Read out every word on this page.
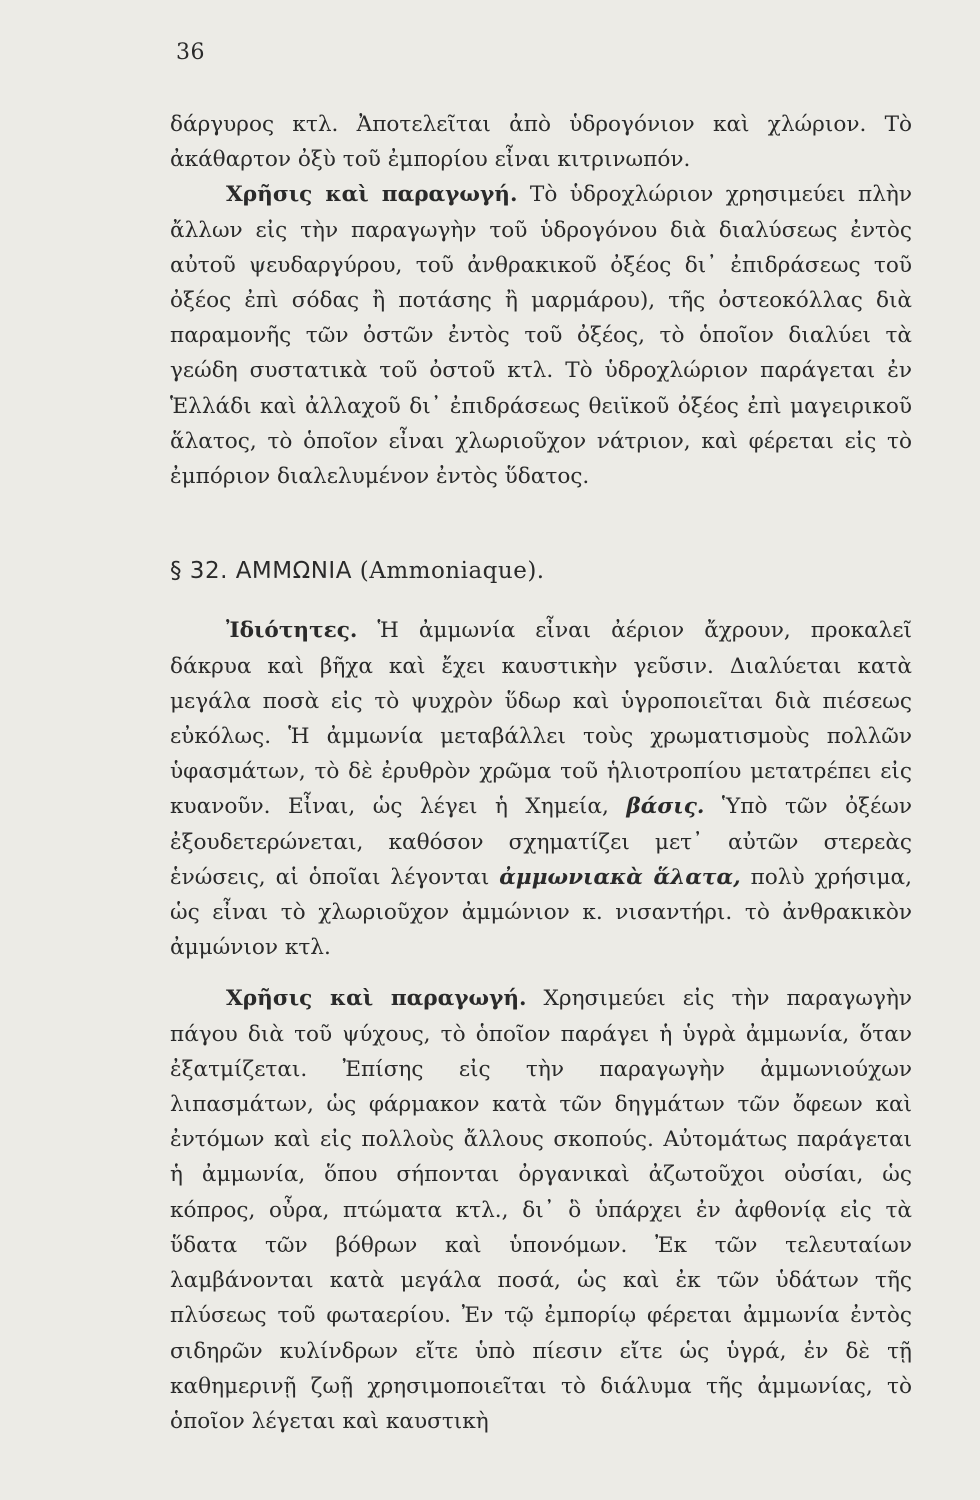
36

δάργυρος κτλ. Ἀποτελεῖται ἀπὸ ὑδρογόνιον καὶ χλώριον. Τὸ ἀκάθαρτον ὀξὺ τοῦ ἐμπορίου εἶναι κιτρινωπόν.

Χρῆσις καὶ παραγωγή. Τὸ ὑδροχλώριον χρησιμεύει πλὴν ἄλλων εἰς τὴν παραγωγὴν τοῦ ὑδρογόνου διὰ διαλύσεως ἐντὸς αὐτοῦ ψευδαργύρου, τοῦ ἀνθρακικοῦ ὀξέος δι᾽ ἐπιδράσεως τοῦ ὀξέος ἐπὶ σόδας ἢ ποτάσης ἢ μαρμάρου), τῆς ὀστεοκόλλας διὰ παραμονῆς τῶν ὀστῶν ἐντὸς τοῦ ὀξέος, τὸ ὁποῖον διαλύει τὰ γεώδη συστατικὰ τοῦ ὀστοῦ κτλ. Τὸ ὑδροχλώριον παράγεται ἐν Ἑλλάδι καὶ ἀλλαχοῦ δι᾽ ἐπιδράσεως θειϊκοῦ ὀξέος ἐπὶ μαγειρικοῦ ἅλατος, τὸ ὁποῖον εἶναι χλωριοῦχον νάτριον, καὶ φέρεται εἰς τὸ ἐμπόριον διαλελυμένον ἐντὸς ὕδατος.

§ 32. ΑΜΜΩΝΙΑ (Ammoniaque).

Ἰδιότητες. Ἡ ἀμμωνία εἶναι ἀέριον ἄχρουν, προκαλεῖ δάκρυα καὶ βῆχα καὶ ἔχει καυστικὴν γεῦσιν. Διαλύεται κατὰ μεγάλα ποσὰ εἰς τὸ ψυχρὸν ὕδωρ καὶ ὑγροποιεῖται διὰ πιέσεως εὐκόλως. Ἡ ἀμμωνία μεταβάλλει τοὺς χρωματισμοὺς πολλῶν ὑφασμάτων, τὸ δὲ ἐρυθρὸν χρῶμα τοῦ ἡλιοτροπίου μετατρέπει εἰς κυανοῦν. Εἶναι, ὡς λέγει ἡ Χημεία, βάσις. Ὑπὸ τῶν ὀξέων ἐξουδετερώνεται, καθόσον σχηματίζει μετ᾽ αὐτῶν στερεὰς ἑνώσεις, αἱ ὁποῖαι λέγονται ἀμμωνιακὰ ἅλατα, πολὺ χρήσιμα, ὡς εἶναι τὸ χλωριοῦχον ἀμμώνιον κ. νισαντήρι. τὸ ἀνθρακικὸν ἀμμώνιον κτλ.

Χρῆσις καὶ παραγωγή. Χρησιμεύει εἰς τὴν παραγωγὴν πάγου διὰ τοῦ ψύχους, τὸ ὁποῖον παράγει ἡ ὑγρὰ ἀμμωνία, ὅταν ἐξατμίζεται. Ἐπίσης εἰς τὴν παραγωγὴν ἀμμωνιούχων λιπασμάτων, ὡς φάρμακον κατὰ τῶν δηγμάτων τῶν ὄφεων καὶ ἐντόμων καὶ εἰς πολλοὺς ἄλλους σκοπούς. Αὐτομάτως παράγεται ἡ ἀμμωνία, ὅπου σήπονται ὀργανικαὶ ἀζωτοῦχοι οὐσίαι, ὡς κόπρος, οὖρα, πτώματα κτλ., δι᾽ ὃ ὑπάρχει ἐν ἀφθονίᾳ εἰς τὰ ὕδατα τῶν βόθρων καὶ ὑπονόμων. Ἐκ τῶν τελευταίων λαμβάνονται κατὰ μεγάλα ποσά, ὡς καὶ ἐκ τῶν ὑδάτων τῆς πλύσεως τοῦ φωταερίου. Ἐν τῷ ἐμπορίῳ φέρεται ἀμμωνία ἐντὸς σιδηρῶν κυλίνδρων εἴτε ὑπὸ πίεσιν εἴτε ὡς ὑγρά, ἐν δὲ τῇ καθημερινῇ ζωῇ χρησιμοποιεῖται τὸ διάλυμα τῆς ἀμμωνίας, τὸ ὁποῖον λέγεται καὶ καυστικὴ
